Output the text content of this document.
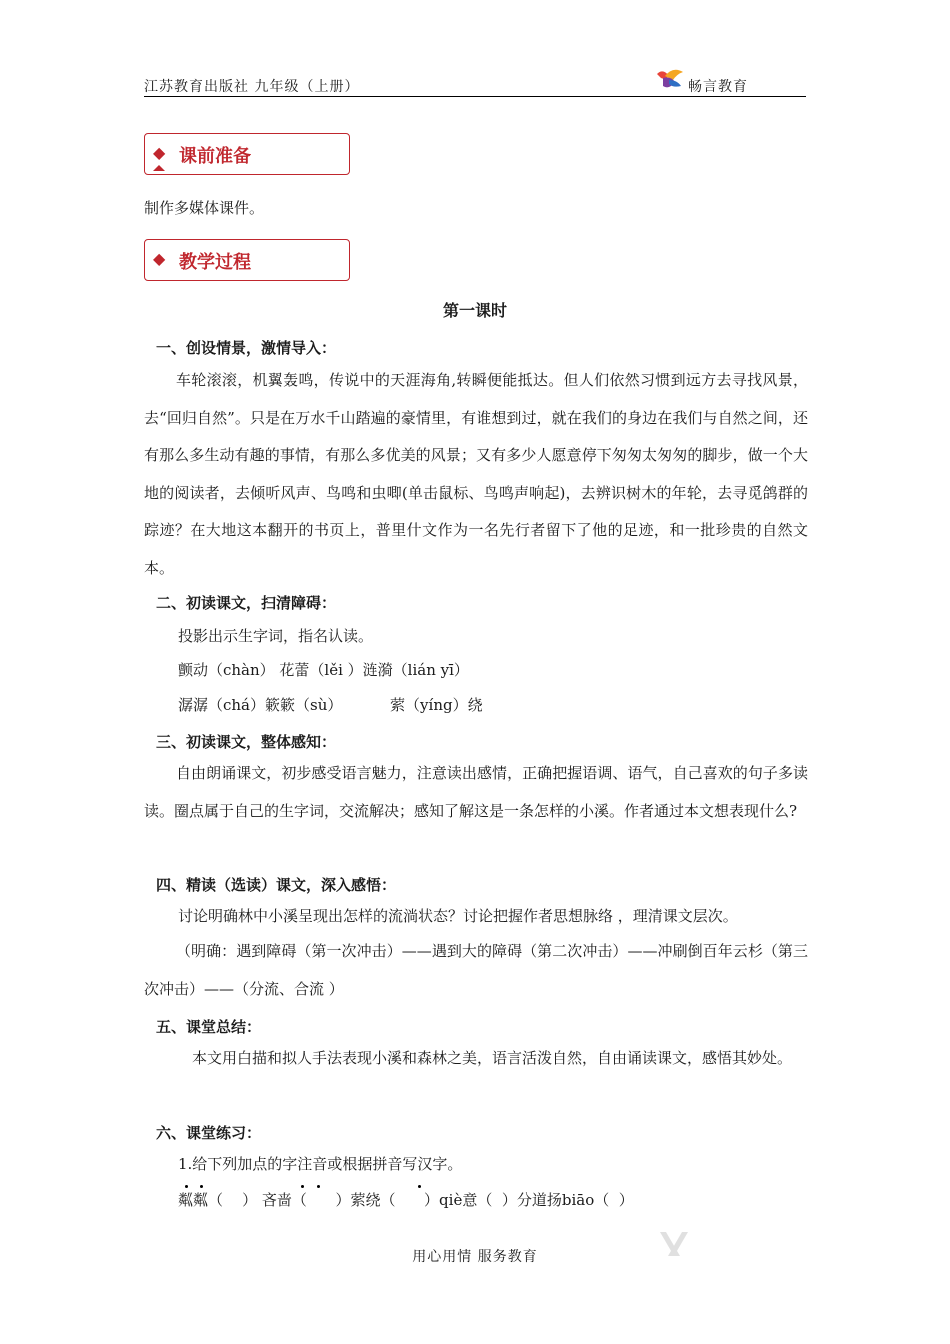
江苏教育出版社 九年级（上册）	畅言教育
◆ 课前准备
制作多媒体课件。
◆ 教学过程
第一课时
一、创设情景，激情导入：
车轮滚滚，机翼轰鸣，传说中的天涯海角,转瞬便能抵达。但人们依然习惯到远方去寻找风景，去“回归自然”。只是在万水千山踏遍的豪情里，有谁想到过，就在我们的身边在我们与自然之间，还有那么多生动有趣的事情，有那么多优美的风景；又有多少人愿意停下匆匆太匆匆的脚步，做一个大地的阅读者，去倾听风声、鸟鸣和虫唧(单击鼠标、鸟鸣声响起)，去辨识树木的年轮，去寻觅鸽群的踪迹？在大地这本翻开的书页上，普里什文作为一名先行者留下了他的足迹，和一批珍贵的自然文本。
二、初读课文，扫清障碍：
投影出示生字词，指名认读。
颤动（chàn） 花蕾（lěi ）涟漪（lián yī）
潺潺（chá）簌簌（sù）          萦（yíng）绕
三、初读课文，整体感知：
自由朗诵课文，初步感受语言魅力，注意读出感情，正确把握语调、语气，自己喜欢的句子多读读。圈点属于自己的生字词，交流解决；感知了解这是一条怎样的小溪。作者通过本文想表现什么?
四、精读（选读）课文，深入感悟：
讨论明确林中小溪呈现出怎样的流淌状态？讨论把握作者思想脉络 ，理清课文层次。
（明确：遇到障碍（第一次冲击）——遇到大的障碍（第二次冲击）——冲刷倒百年云杉（第三次冲击）——（分流、合流 ）
五、课堂总结：
本文用白描和拟人手法表现小溪和森林之美，语言活泼自然，自由诵读课文，感悟其妙处。
六、课堂练习：
1.给下列加点的字注音或根据拼音写汉字。
粼粼（    ） 吝啬（      ）萦绕（      ）qiè意（  ）分道扬biāo（  ）
用心用情 服务教育
